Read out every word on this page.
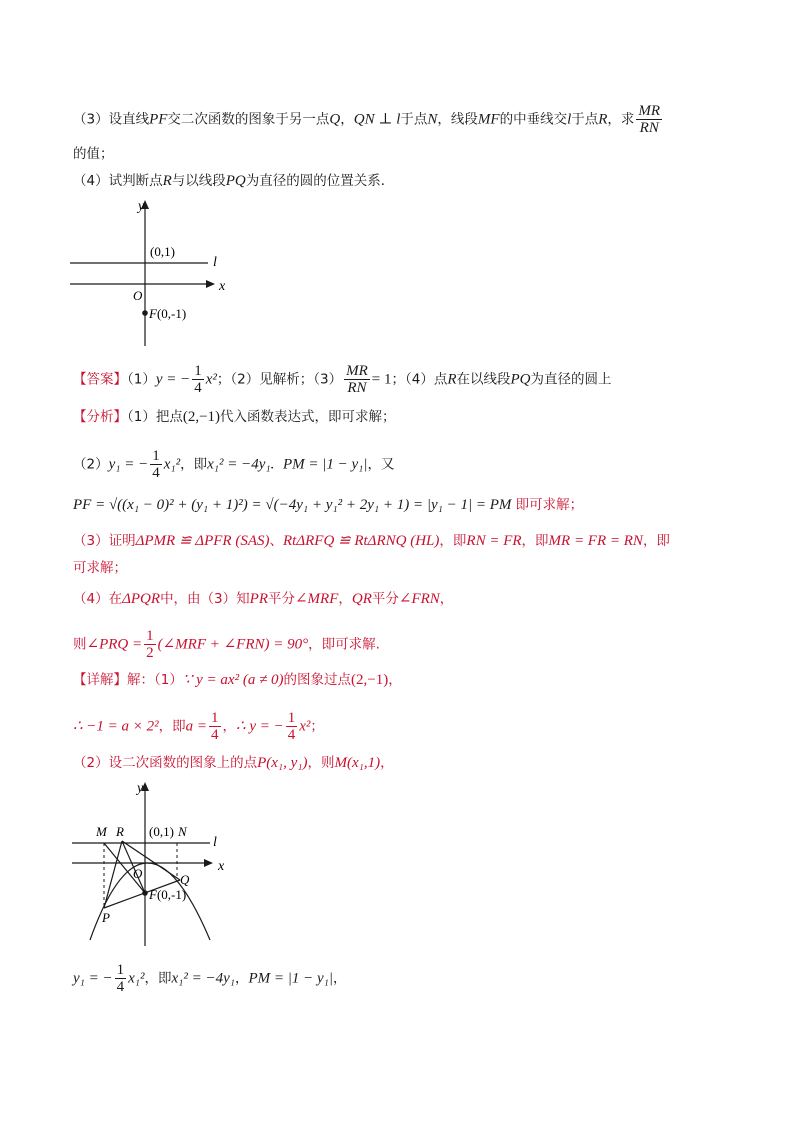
（3）设直线PF交二次函数的图象于另一点Q，QN ⊥ l于点N，线段MF的中垂线交l于点R，求 $\frac{MR}{RN}$
的值；
（4）试判断点R与以线段PQ为直径的圆的位置关系．
y
x
l
(0,1)
O
F(0,-1)
【答案】（1）y = − $\frac{1}{4} x^2$；（2）见解析；$(3) \frac{MR}{RN} = 1$；（4）点R在以线段PQ为直径的圆上
【分析】（1）把点(2,−1)代入函数表达式，即可求解；
（2）y₁ = − $\frac{1}{4} x_1^2$，即x₁² = −4y₁. PM = |1 − y₁|，又
PF = √((x₁ − 0)² + (y₁ + 1)²) = √(−4y₁ + y₁² + 2y₁ + 1) = |y₁ − 1| = PM 即可求解；
（3）证明ΔPMR ≌ ΔPFR (SAS)、RtΔRFQ ≌ RtΔRNQ (HL)，即RN = FR，即MR = FR = RN，即
可求解；
（4）在ΔPQR中，由（3）知PR平分∠MRF，QR平分∠FRN，
则∠PRQ = $\frac{1}{2}$ (∠MRF + ∠FRN) = 90°，即可求解.
【详解】解：（1）∵ y = ax² (a ≠ 0)的图象过点(2,−1)，
∴ −1 = a × 2²，即$a = \frac{1}{4}$ ，∴ y = − $\frac{1}{4} x^2$；
（2）设二次函数的图象上的点P(x₁, y₁)，则M(x₁,1)，
y
x
l
M R (0,1) N
O	Q
P
F(0,-1)
y₁ = − $\frac{1}{4} x_1^2$，即x₁² = −4y₁，PM = |1 − y₁|，
